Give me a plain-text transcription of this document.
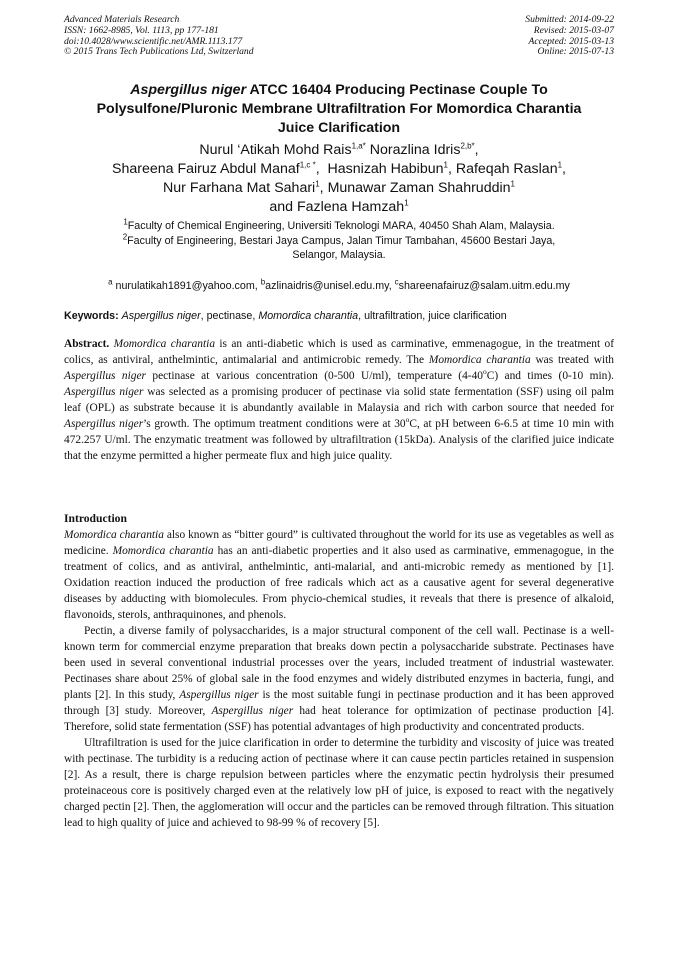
Advanced Materials Research
ISSN: 1662-8985, Vol. 1113, pp 177-181
doi:10.4028/www.scientific.net/AMR.1113.177
© 2015 Trans Tech Publications Ltd, Switzerland
Submitted: 2014-09-22
Revised: 2015-03-07
Accepted: 2015-03-13
Online: 2015-07-13
Aspergillus niger ATCC 16404 Producing Pectinase Couple To
Polysulfone/Pluronic Membrane Ultrafiltration For Momordica Charantia
Juice Clarification
Nurul ‘Atikah Mohd Rais$^{1,a*}$ Norazlina Idris$^{2,b*}$,
Shareena Fairuz Abdul Manaf$^{1,c *}$,  Hasnizah Habibun$^1$, Rafeqah Raslan$^1$,
Nur Farhana Mat Sahari$^1$, Munawar Zaman Shahruddin$^1$
and Fazlena Hamzah$^1$
$^1$Faculty of Chemical Engineering, Universiti Teknologi MARA, 40450 Shah Alam, Malaysia.
$^2$Faculty of Engineering, Bestari Jaya Campus, Jalan Timur Tambahan, 45600 Bestari Jaya,
Selangor, Malaysia.
$^a$ nurulatikah1891@yahoo.com, $^b$azlinaidris@unisel.edu.my, $^c$shareenafairuz@salam.uitm.edu.my
Keywords: Aspergillus niger, pectinase, Momordica charantia, ultrafiltration, juice clarification

Abstract. Momordica charantia is an anti-diabetic which is used as carminative, emmenagogue, in the treatment of colics, as antiviral, anthelmintic, antimalarial and antimicrobic remedy. The Momordica charantia was treated with Aspergillus niger pectinase at various concentration (0-500 U/ml), temperature (4-40$^o$C) and times (0-10 min). Aspergillus niger was selected as a promising producer of pectinase via solid state fermentation (SSF) using oil palm leaf (OPL) as substrate because it is abundantly available in Malaysia and rich with carbon source that needed for Aspergillus niger’s growth. The optimum treatment conditions were at 30$^o$C, at pH between 6-6.5 at time 10 min with 472.257 U/ml. The enzymatic treatment was followed by ultrafiltration (15kDa). Analysis of the clarified juice indicate that the enzyme permitted a higher permeate flux and high juice quality.

Introduction

Momordica charantia also known as “bitter gourd” is cultivated throughout the world for its use as vegetables as well as medicine. Momordica charantia has an anti-diabetic properties and it also used as carminative, emmenagogue, in the treatment of colics, and as antiviral, anthelmintic, anti-malarial, and anti-microbic remedy as mentioned by [1]. Oxidation reaction induced the production of free radicals which act as a causative agent for several degenerative diseases by adducting with biomolecules. From phycio-chemical studies, it reveals that there is presence of alkaloid, flavonoids, sterols, anthraquinones, and phenols.

Pectin, a diverse family of polysaccharides, is a major structural component of the cell wall. Pectinase is a well-known term for commercial enzyme preparation that breaks down pectin a polysaccharide substrate. Pectinases have been used in several conventional industrial processes over the years, included treatment of industrial wastewater. Pectinases share about 25% of global sale in the food enzymes and widely distributed enzymes in bacteria, fungi, and plants [2]. In this study, Aspergillus niger is the most suitable fungi in pectinase production and it has been approved through [3] study. Moreover, Aspergillus niger had heat tolerance for optimization of pectinase production [4]. Therefore, solid state fermentation (SSF) has potential advantages of high productivity and concentrated products.

Ultrafiltration is used for the juice clarification in order to determine the turbidity and viscosity of juice was treated with pectinase. The turbidity is a reducing action of pectinase where it can cause pectin particles retained in suspension [2]. As a result, there is charge repulsion between particles where the enzymatic pectin hydrolysis their presumed proteinaceous core is positively charged even at the relatively low pH of juice, is exposed to react with the negatively charged pectin [2]. Then, the agglomeration will occur and the particles can be removed through filtration. This situation lead to high quality of juice and achieved to 98-99 % of recovery [5].
